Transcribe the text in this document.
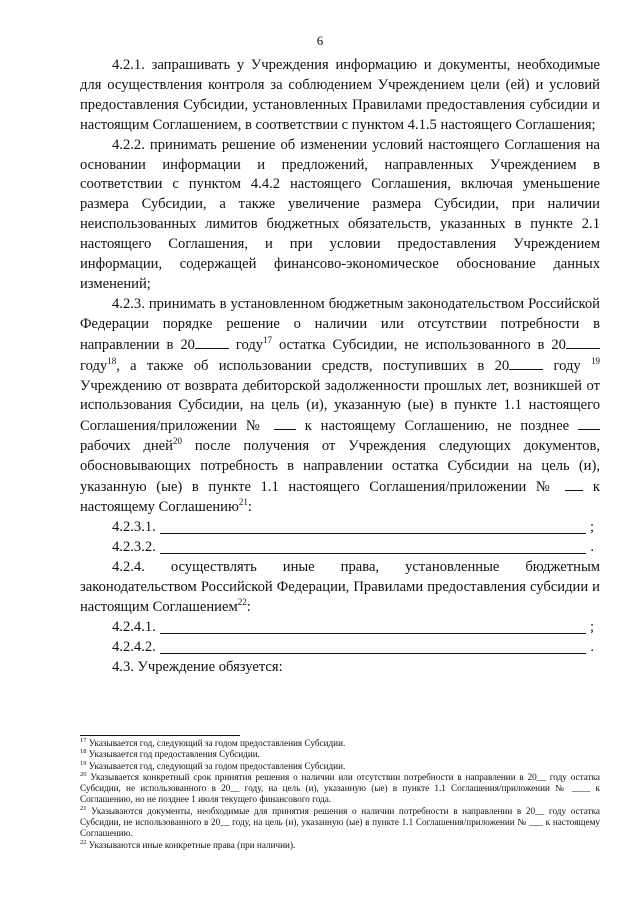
6

4.2.1. запрашивать у Учреждения информацию и документы, необходимые для осуществления контроля за соблюдением Учреждением цели (ей) и условий предоставления Субсидии, установленных Правилами предоставления субсидии и настоящим Соглашением, в соответствии с пунктом 4.1.5 настоящего Соглашения;

4.2.2. принимать решение об изменении условий настоящего Соглашения на основании информации и предложений, направленных Учреждением в соответствии с пунктом 4.4.2 настоящего Соглашения, включая уменьшение размера Субсидии, а также увеличение размера Субсидии, при наличии неиспользованных лимитов бюджетных обязательств, указанных в пункте 2.1 настоящего Соглашения, и при условии предоставления Учреждением информации, содержащей финансово-экономическое обоснование данных изменений;

4.2.3. принимать в установленном бюджетным законодательством Российской Федерации порядке решение о наличии или отсутствии потребности в направлении в 20 году$^{17}$ остатка Субсидии, не использованного в 20 году$^{18}$, а также об использовании средств, поступивших в 20 году $^{19}$ Учреждению от возврата дебиторской задолженности прошлых лет, возникшей от использования Субсидии, на цель (и), указанную (ые) в пункте 1.1 настоящего Соглашения/приложении №  к настоящему Соглашению, не позднее  рабочих дней$^{20}$ после получения от Учреждения следующих документов, обосновывающих потребность в направлении остатка Субсидии на цель (и), указанную (ые) в пункте 1.1 настоящего Соглашения/приложении №  к настоящему Соглашению$^{21}$:

4.2.3.1.	;
4.2.3.2.	.

4.2.4. осуществлять иные права, установленные бюджетным законодательством Российской Федерации, Правилами предоставления субсидии и настоящим Соглашением$^{22}$:

4.2.4.1.	;
4.2.4.2.	.

4.3. Учреждение обязуется:

$^{17}$ Указывается год, следующий за годом предоставления Субсидии.
$^{18}$ Указывается год предоставления Субсидии.
$^{19}$ Указывается год, следующий за годом предоставления Субсидии.
$^{20}$ Указывается конкретный срок принятия решения о наличии или отсутствии потребности в направлении в 20__ году остатка Субсидии, не использованного в 20__ году, на цель (и), указанную (ые) в пункте 1.1 Соглашения/приложении № ____ к Соглашению, но не позднее 1 июля текущего финансового года.
$^{21}$ Указываются документы, необходимые для принятия решения о наличии потребности в направлении в 20__ году остатка Субсидии, не использованного в 20__ году, на цель (и), указанную (ые) в пункте 1.1 Соглашения/приложении № ___ к настоящему Соглашению.
$^{22}$ Указываются иные конкретные права (при наличии).
